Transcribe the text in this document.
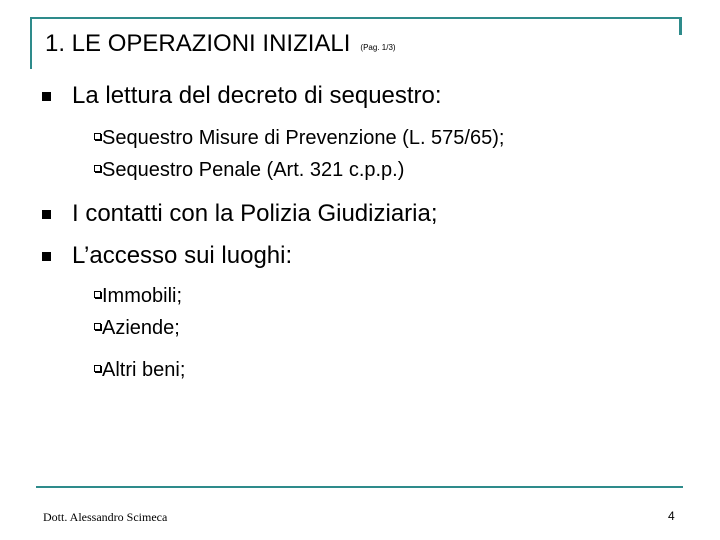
1. LE OPERAZIONI INIZIALI (Pag. 1/3)
La lettura del decreto di sequestro:
Sequestro Misure di Prevenzione (L. 575/65);
Sequestro Penale (Art. 321 c.p.p.)
I contatti con la Polizia Giudiziaria;
L’accesso sui luoghi:
Immobili;
Aziende;
Altri beni;
Dott. Alessandro Scimeca	4
